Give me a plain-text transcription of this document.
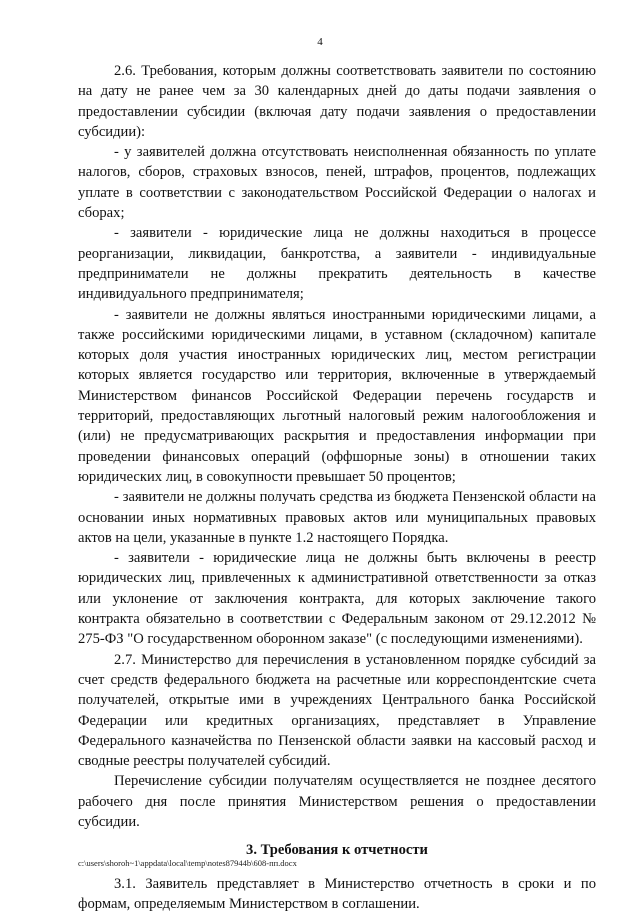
4

2.6. Требования, которым должны соответствовать заявители по состоянию на дату не ранее чем за 30 календарных дней до даты подачи заявления о предоставлении субсидии (включая дату подачи заявления о предоставлении субсидии):

- у заявителей должна отсутствовать неисполненная обязанность по уплате налогов, сборов, страховых взносов, пеней, штрафов, процентов, подлежащих уплате в соответствии с законодательством Российской Федерации о налогах и сборах;

- заявители - юридические лица не должны находиться в процессе реорганизации, ликвидации, банкротства, а заявители - индивидуальные предприниматели не должны прекратить деятельность в качестве индивидуального предпринимателя;

- заявители не должны являться иностранными юридическими лицами, а также российскими юридическими лицами, в уставном (складочном) капитале которых доля участия иностранных юридических лиц, местом регистрации которых является государство или территория, включенные в утверждаемый Министерством финансов Российской Федерации перечень государств и территорий, предоставляющих льготный налоговый режим налогообложения и (или) не предусматривающих раскрытия и предоставления информации при проведении финансовых операций (оффшорные зоны) в отношении таких юридических лиц, в совокупности превышает 50 процентов;

- заявители не должны получать средства из бюджета Пензенской области на основании иных нормативных правовых актов или муниципальных правовых актов на цели, указанные в пункте 1.2 настоящего Порядка.

- заявители - юридические лица не должны быть включены в реестр юридических лиц, привлеченных к административной ответственности за отказ или уклонение от заключения контракта, для которых заключение такого контракта обязательно в соответствии с Федеральным законом от 29.12.2012 № 275-ФЗ "О государственном оборонном заказе" (с последующими изменениями).

2.7. Министерство для перечисления в установленном порядке субсидий за счет средств федерального бюджета на расчетные или корреспондентские счета получателей, открытые ими в учреждениях Центрального банка Российской Федерации или кредитных организациях, представляет в Управление Федерального казначейства по Пензенской области заявки на кассовый расход и сводные реестры получателей субсидий.

Перечисление субсидии получателям осуществляется не позднее десятого рабочего дня после принятия Министерством решения о предоставлении субсидии.

3. Требования к отчетности

3.1. Заявитель представляет в Министерство отчетность в сроки и по формам, определяемым Министерством в соглашении.

c:\users\shoroh~1\appdata\local\temp\notes87944b\608-пп.docx
